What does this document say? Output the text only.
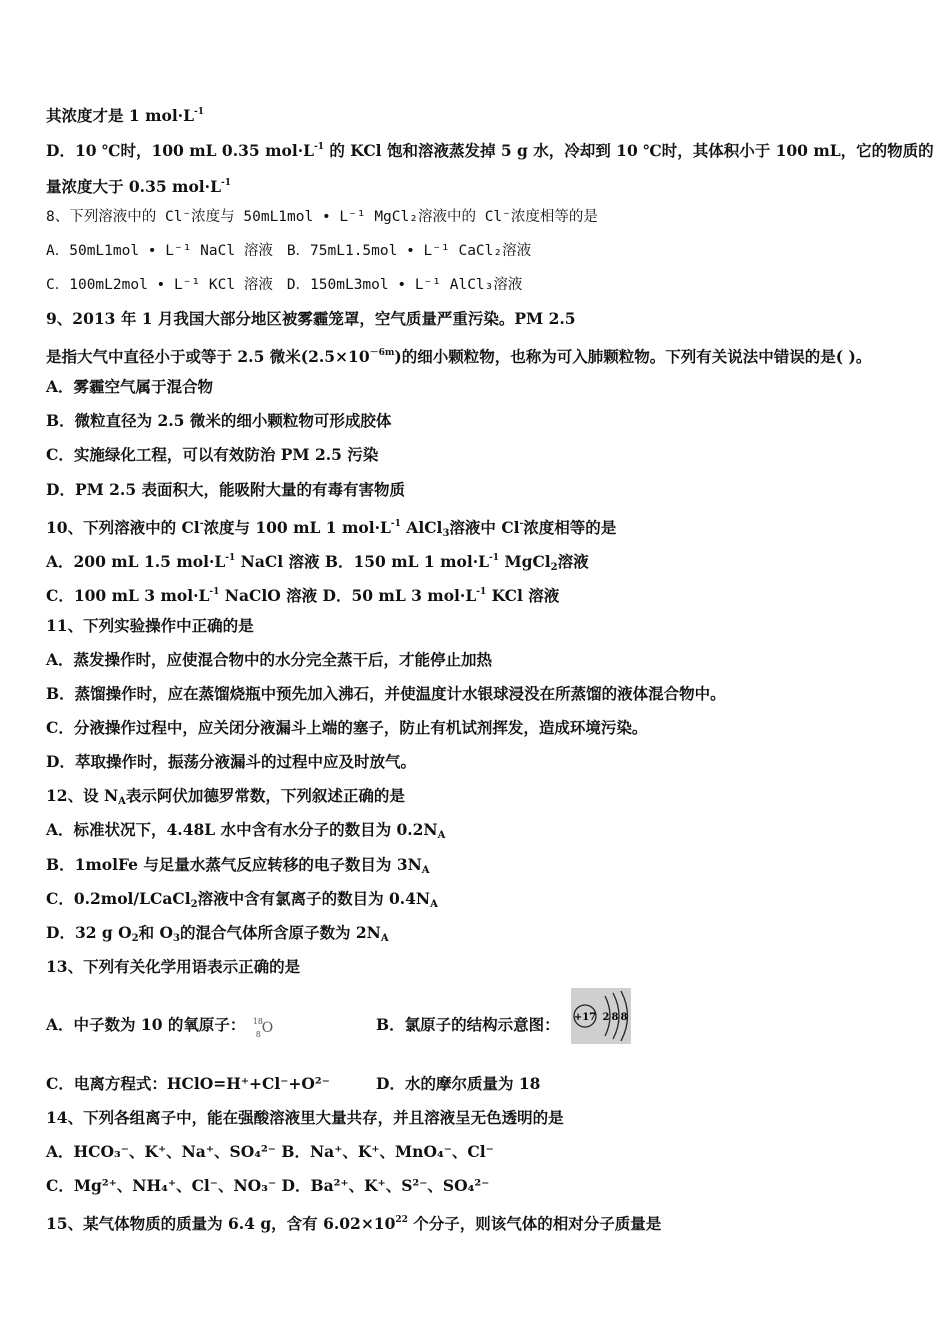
其浓度才是 1 $mol\cdot L^{-1}$
D．10 ℃时，100 mL 0.35 $mol\cdot L^{-1}$ 的 KCl 饱和溶液蒸发掉 5 g 水，冷却到 10 ℃时，其体积小于 100 mL，它的物质的
量浓度大于 0.35 $mol\cdot L^{-1}$
8、下列溶液中的 Cl⁻浓度与 50mL1mol • L⁻¹ MgCl₂溶液中的 Cl⁻浓度相等的是
A．50mL1mol • L⁻¹ NaCl 溶液 B．75mL1.5mol • L⁻¹ CaCl₂溶液
C．100mL2mol • L⁻¹ KCl 溶液 D．150mL3mol • L⁻¹ AlCl₃溶液
9、2013 年 1 月我国大部分地区被雾霾笼罩，空气质量严重污染。PM 2.5
是指大气中直径小于或等于 2.5 微米$(2.5\times 10^{-6m})$的细小颗粒物，也称为可入肺颗粒物。下列有关说法中错误的是( )。
A．雾霾空气属于混合物
B．微粒直径为 2.5 微米的细小颗粒物可形成胶体
C．实施绿化工程，可以有效防治 PM 2.5 污染
D．PM 2.5 表面积大，能吸附大量的有毒有害物质
10、下列溶液中的 Cl-浓度与 100 mL 1 $mol\cdot L^{-1}$ AlCl$_3$溶液中 Cl-浓度相等的是
A．200 mL 1.5 $mol\cdot L^{-1}$ NaCl 溶液 B．150 mL 1 $mol\cdot L^{-1}$ MgCl$_2$溶液
C．100 mL 3 $mol\cdot L^{-1}$ NaClO 溶液 D．50 mL 3 $mol\cdot L^{-1}$ KCl 溶液
11、下列实验操作中正确的是
A．蒸发操作时，应使混合物中的水分完全蒸干后，才能停止加热
B．蒸馏操作时，应在蒸馏烧瓶中预先加入沸石，并使温度计水银球浸没在所蒸馏的液体混合物中。
C．分液操作过程中，应关闭分液漏斗上端的塞子，防止有机试剂挥发，造成环境污染。
D．萃取操作时，振荡分液漏斗的过程中应及时放气。
12、设 $N_A$表示阿伏加德罗常数，下列叙述正确的是
A．标准状况下，4.48L 水中含有水分子的数目为 $0.2N_A$
B．1molFe 与足量水蒸气反应转移的电子数目为 $3N_A$
C．0.2mol/LCaCl$_2$溶液中含有氯离子的数目为 $0.4N_A$
D．32 g $O_2$和 $O_3$的混合气体所含原子数为 $2N_A$
13、下列有关化学用语表示正确的是
A．中子数为 10 的氧原子： 18
8 O	B．氯原子的结构示意图： +17 2 8 8
C．电离方程式：HClO=H⁺+Cl⁻+O²⁻	D．水的摩尔质量为 18
14、下列各组离子中，能在强酸溶液里大量共存，并且溶液呈无色透明的是
A．HCO₃⁻、K⁺、Na⁺、SO₄²⁻ B．Na⁺、K⁺、MnO₄⁻、Cl⁻
C．Mg²⁺、NH₄⁺、Cl⁻、NO₃⁻ D．Ba²⁺、K⁺、S²⁻、SO₄²⁻
15、某气体物质的质量为 6.4 g，含有 $6.02\times 10^{22}$ 个分子，则该气体的相对分子质量是
